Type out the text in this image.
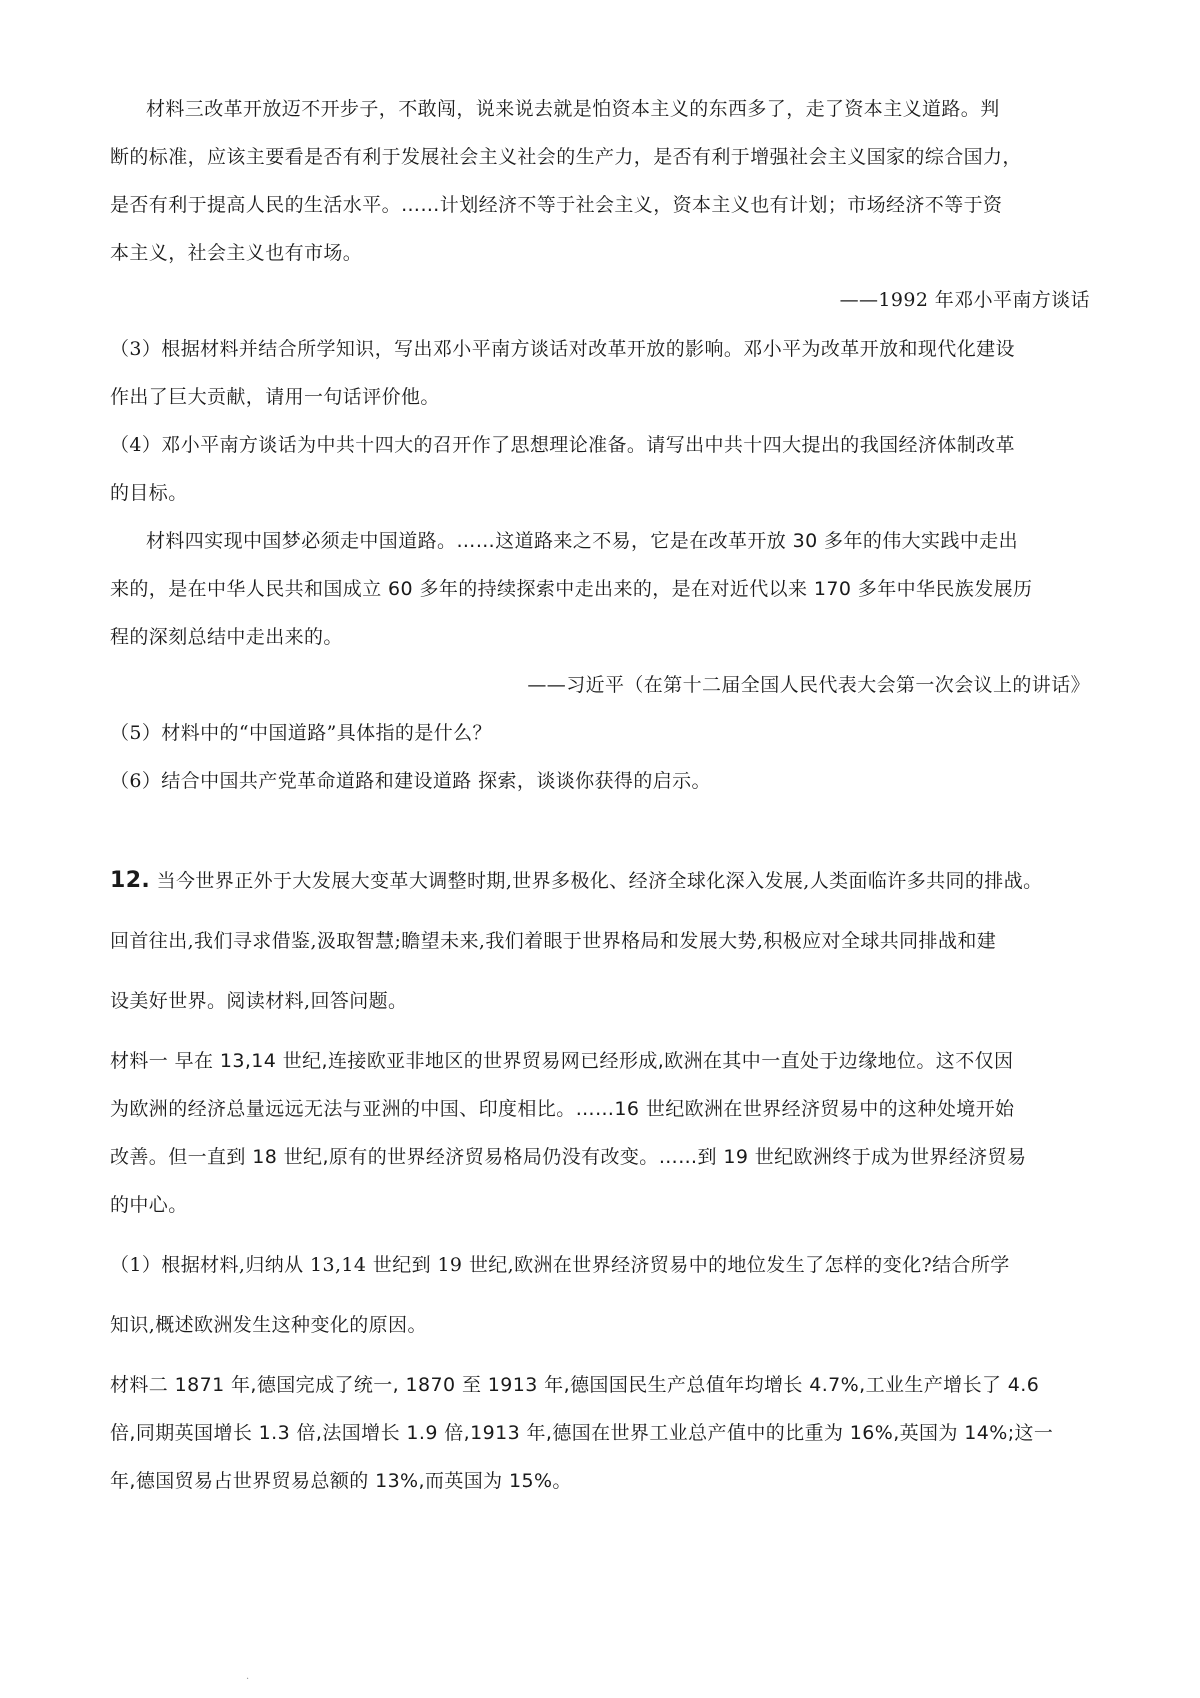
材料三改革开放迈不开步子，不敢闯，说来说去就是怕资本主义的东西多了，走了资本主义道路。判
断的标准，应该主要看是否有利于发展社会主义社会的生产力，是否有利于增强社会主义国家的综合国力，
是否有利于提高人民的生活水平。……计划经济不等于社会主义，资本主义也有计划；市场经济不等于资
本主义，社会主义也有市场。
——1992 年邓小平南方谈话
（3）根据材料并结合所学知识，写出邓小平南方谈话对改革开放的影响。邓小平为改革开放和现代化建设
作出了巨大贡献，请用一句话评价他。
（4）邓小平南方谈话为中共十四大的召开作了思想理论准备。请写出中共十四大提出的我国经济体制改革
的目标。
材料四实现中国梦必须走中国道路。……这道路来之不易，它是在改革开放 30 多年的伟大实践中走出
来的，是在中华人民共和国成立 60 多年的持续探索中走出来的，是在对近代以来 170 多年中华民族发展历
程的深刻总结中走出来的。
——习近平（在第十二届全国人民代表大会第一次会议上的讲话》
（5）材料中的“中国道路”具体指的是什么？
（6）结合中国共产党革命道路和建设道路 探索，谈谈你获得的启示。
12. 当今世界正外于大发展大变革大调整时期,世界多极化、经济全球化深入发展,人类面临许多共同的排战。
回首往出,我们寻求借鉴,汲取智慧;瞻望未来,我们着眼于世界格局和发展大势,积极应对全球共同排战和建
设美好世界。阅读材料,回答问题。
材料一 早在 13,14 世纪,连接欧亚非地区的世界贸易网已经形成,欧洲在其中一直处于边缘地位。这不仅因
为欧洲的经济总量远远无法与亚洲的中国、印度相比。……16 世纪欧洲在世界经济贸易中的这种处境开始
改善。但一直到 18 世纪,原有的世界经济贸易格局仍没有改变。……到 19 世纪欧洲终于成为世界经济贸易
的中心。
（1）根据材料,归纳从 13,14 世纪到 19 世纪,欧洲在世界经济贸易中的地位发生了怎样的变化?结合所学
知识,概述欧洲发生这种变化的原因。
材料二 1871 年,德国完成了统一, 1870 至 1913 年,德国国民生产总值年均增长 4.7%,工业生产增长了 4.6
倍,同期英国增长 1.3 倍,法国增长 1.9 倍,1913 年,德国在世界工业总产值中的比重为 16%,英国为 14%;这一
年,德国贸易占世界贸易总额的 13%,而英国为 15%。
·
